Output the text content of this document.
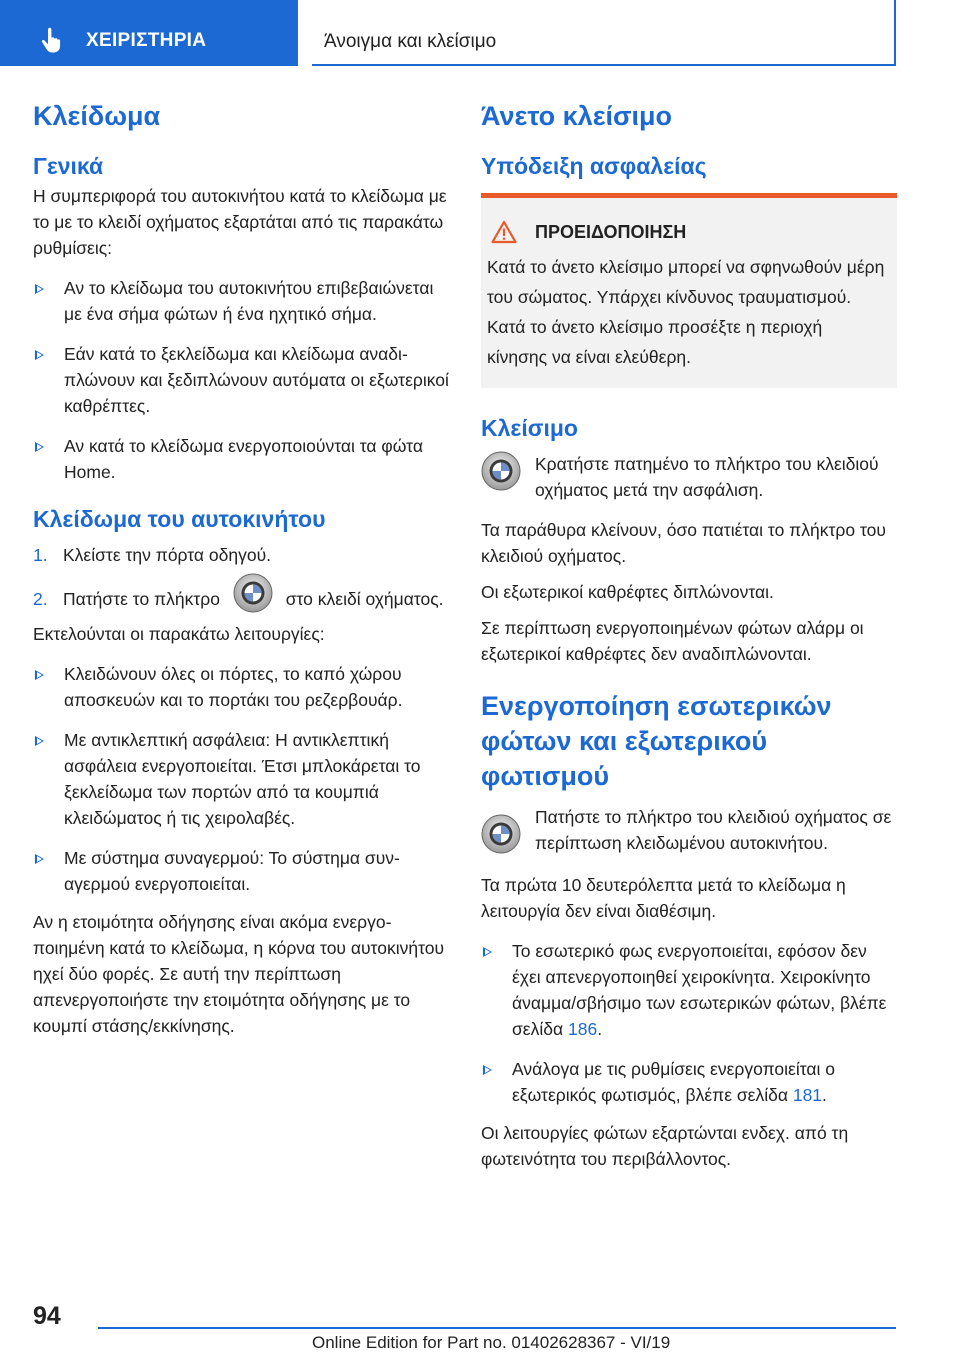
ΧΕΙΡΙΣΤΗΡΙΑ	Άνοιγμα και κλείσιμο
Κλείδωμα
Γενικά

Η συμπεριφορά του αυτοκινήτου κατά το κλείδωμα με το με το κλειδί οχήματος εξαρτάται από τις παρακάτω ρυθμίσεις:

Αν το κλείδωμα του αυτοκινήτου επιβεβαιώνεται με ένα σήμα φώτων ή ένα ηχητικό σήμα.
Εάν κατά το ξεκλείδωμα και κλείδωμα αναδιπλώνουν και ξεδιπλώνουν αυτόματα οι εξωτερικοί καθρέπτες.
Αν κατά το κλείδωμα ενεργοποιούνται τα φώτα Home.
Κλείδωμα του αυτοκινήτου
1. Κλείστε την πόρτα οδηγού.
2. Πατήστε το πλήκτρο	στο κλειδί οχήματος.

Εκτελούνται οι παρακάτω λειτουργίες:

Κλειδώνουν όλες οι πόρτες, το καπό χώρου αποσκευών και το πορτάκι του ρεζερβουάρ.
Με αντικλεπτική ασφάλεια: Η αντικλεπτική ασφάλεια ενεργοποιείται. Έτσι μπλοκάρεται το ξεκλείδωμα των πορτών από τα κουμπιά κλειδώματος ή τις χειρολαβές.
Με σύστημα συναγερμού: Το σύστημα συναγερμού ενεργοποιείται.

Αν η ετοιμότητα οδήγησης είναι ακόμα ενεργοποιημένη κατά το κλείδωμα, η κόρνα του αυτοκινήτου ηχεί δύο φορές. Σε αυτή την περίπτωση απενεργοποιήστε την ετοιμότητα οδήγησης με το κουμπί στάσης/εκκίνησης.

Άνετο κλείσιμο
Υπόδειξη ασφαλείας
ΠΡΟΕΙΔΟΠΟΙΗΣΗ

Κατά το άνετο κλείσιμο μπορεί να σφηνωθούν μέρη του σώματος. Υπάρχει κίνδυνος τραυματισμού. Κατά το άνετο κλείσιμο προσέξτε η περιοχή κίνησης να είναι ελεύθερη.

Κλείσιμο

Κρατήστε πατημένο το πλήκτρο του κλειδιού οχήματος μετά την ασφάλιση.

Τα παράθυρα κλείνουν, όσο πατιέται το πλήκτρο του κλειδιού οχήματος.

Οι εξωτερικοί καθρέφτες διπλώνονται.

Σε περίπτωση ενεργοποιημένων φώτων αλάρμ οι εξωτερικοί καθρέφτες δεν αναδιπλώνονται.

Ενεργοποίηση εσωτερικών φώτων και εξωτερικού φωτισμού

Πατήστε το πλήκτρο του κλειδιού οχήματος σε περίπτωση κλειδωμένου αυτοκινήτου.

Τα πρώτα 10 δευτερόλεπτα μετά το κλείδωμα η λειτουργία δεν είναι διαθέσιμη.

Το εσωτερικό φως ενεργοποιείται, εφόσον δεν έχει απενεργοποιηθεί χειροκίνητα. Χειροκίνητο άναμμα/σβήσιμο των εσωτερικών φώτων, βλέπε σελίδα 186.
Ανάλογα με τις ρυθμίσεις ενεργοποιείται ο εξωτερικός φωτισμός, βλέπε σελίδα 181.

Οι λειτουργίες φώτων εξαρτώνται ενδεχ. από τη φωτεινότητα του περιβάλλοντος.

94
Online Edition for Part no. 01402628367 - VI/19
